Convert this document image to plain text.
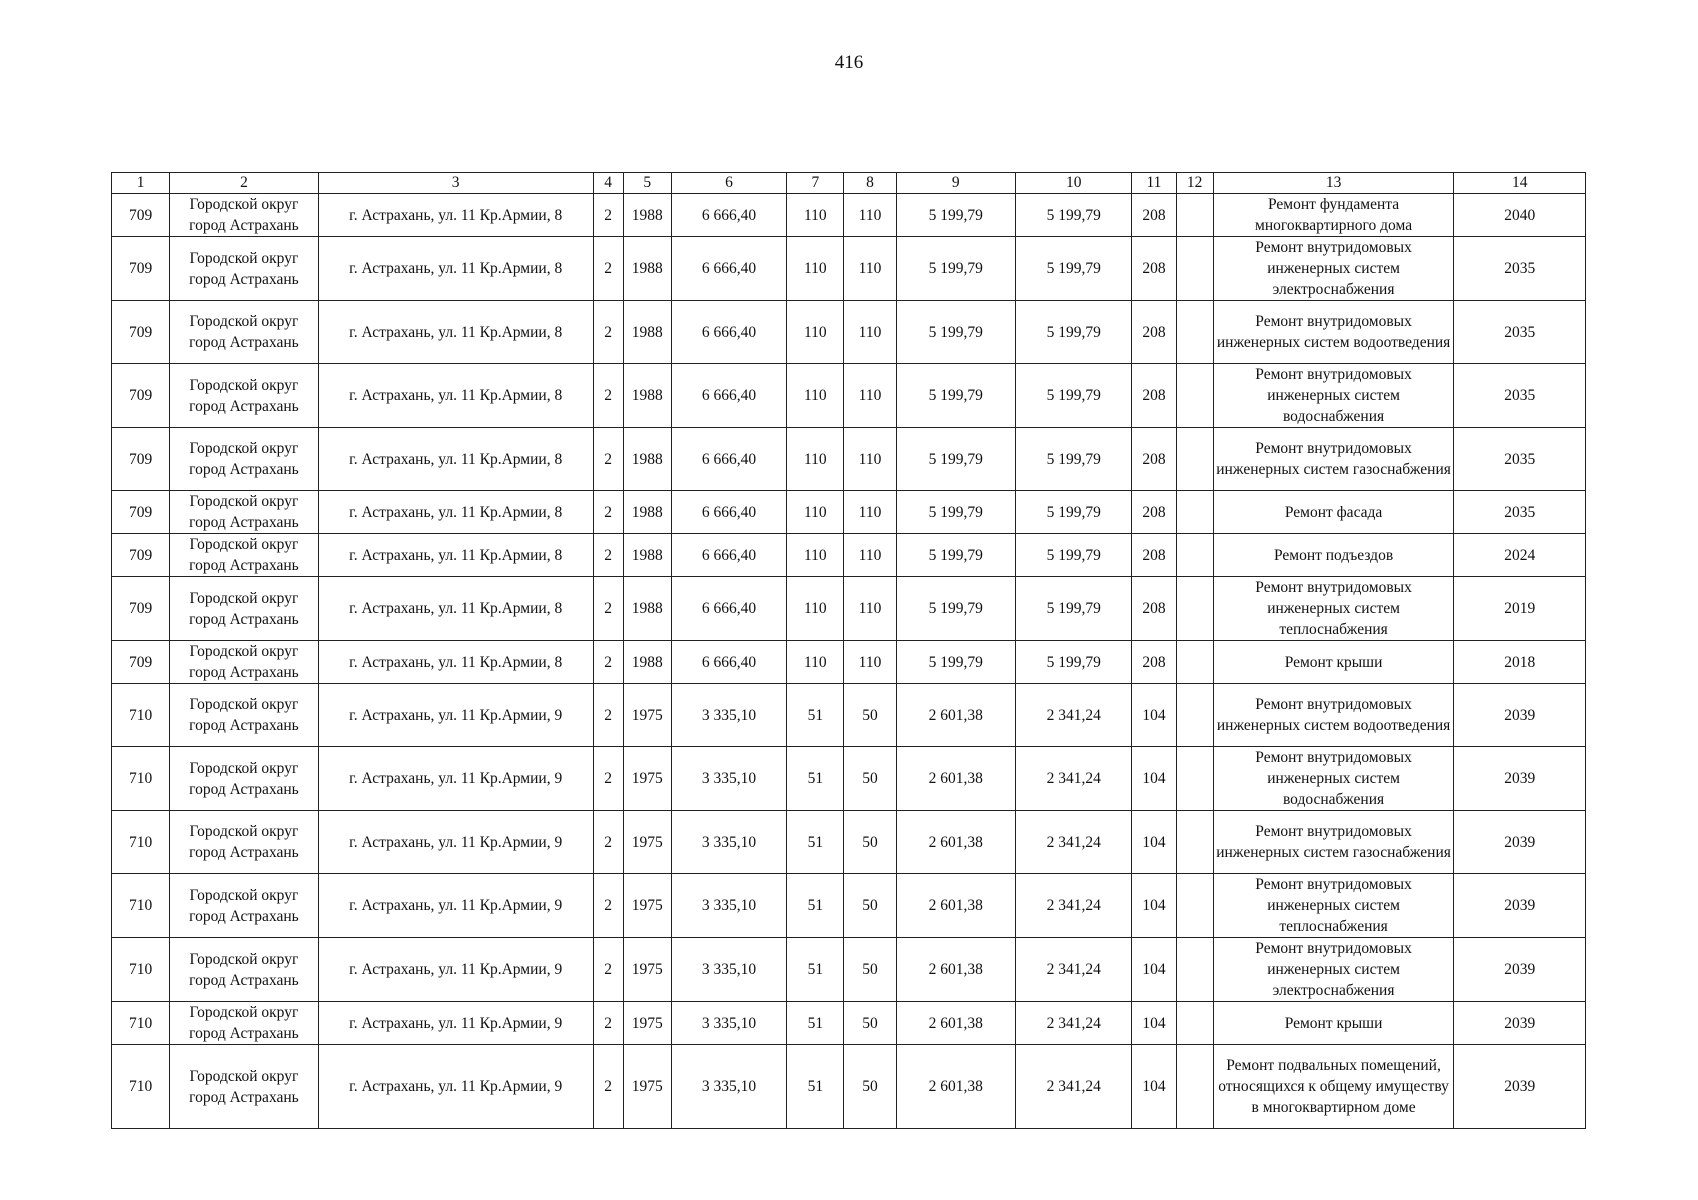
416
1	2	3	4	5	6	7	8	9	10	11	12	13	14
709	Городской округ город Астрахань	г. Астрахань, ул. 11 Кр.Армии, 8	2	1988	6 666,40	110	110	5 199,79	5 199,79	208		Ремонт фундамента многоквартирного дома	2040
709	Городской округ город Астрахань	г. Астрахань, ул. 11 Кр.Армии, 8	2	1988	6 666,40	110	110	5 199,79	5 199,79	208		Ремонт внутридомовых инженерных систем электроснабжения	2035
709	Городской округ город Астрахань	г. Астрахань, ул. 11 Кр.Армии, 8	2	1988	6 666,40	110	110	5 199,79	5 199,79	208		Ремонт внутридомовых инженерных систем водоотведения	2035
709	Городской округ город Астрахань	г. Астрахань, ул. 11 Кр.Армии, 8	2	1988	6 666,40	110	110	5 199,79	5 199,79	208		Ремонт внутридомовых инженерных систем водоснабжения	2035
709	Городской округ город Астрахань	г. Астрахань, ул. 11 Кр.Армии, 8	2	1988	6 666,40	110	110	5 199,79	5 199,79	208		Ремонт внутридомовых инженерных систем газоснабжения	2035
709	Городской округ город Астрахань	г. Астрахань, ул. 11 Кр.Армии, 8	2	1988	6 666,40	110	110	5 199,79	5 199,79	208		Ремонт фасада	2035
709	Городской округ город Астрахань	г. Астрахань, ул. 11 Кр.Армии, 8	2	1988	6 666,40	110	110	5 199,79	5 199,79	208		Ремонт подъездов	2024
709	Городской округ город Астрахань	г. Астрахань, ул. 11 Кр.Армии, 8	2	1988	6 666,40	110	110	5 199,79	5 199,79	208		Ремонт внутридомовых инженерных систем теплоснабжения	2019
709	Городской округ город Астрахань	г. Астрахань, ул. 11 Кр.Армии, 8	2	1988	6 666,40	110	110	5 199,79	5 199,79	208		Ремонт крыши	2018
710	Городской округ город Астрахань	г. Астрахань, ул. 11 Кр.Армии, 9	2	1975	3 335,10	51	50	2 601,38	2 341,24	104		Ремонт внутридомовых инженерных систем водоотведения	2039
710	Городской округ город Астрахань	г. Астрахань, ул. 11 Кр.Армии, 9	2	1975	3 335,10	51	50	2 601,38	2 341,24	104		Ремонт внутридомовых инженерных систем водоснабжения	2039
710	Городской округ город Астрахань	г. Астрахань, ул. 11 Кр.Армии, 9	2	1975	3 335,10	51	50	2 601,38	2 341,24	104		Ремонт внутридомовых инженерных систем газоснабжения	2039
710	Городской округ город Астрахань	г. Астрахань, ул. 11 Кр.Армии, 9	2	1975	3 335,10	51	50	2 601,38	2 341,24	104		Ремонт внутридомовых инженерных систем теплоснабжения	2039
710	Городской округ город Астрахань	г. Астрахань, ул. 11 Кр.Армии, 9	2	1975	3 335,10	51	50	2 601,38	2 341,24	104		Ремонт внутридомовых инженерных систем электроснабжения	2039
710	Городской округ город Астрахань	г. Астрахань, ул. 11 Кр.Армии, 9	2	1975	3 335,10	51	50	2 601,38	2 341,24	104		Ремонт крыши	2039
710	Городской округ город Астрахань	г. Астрахань, ул. 11 Кр.Армии, 9	2	1975	3 335,10	51	50	2 601,38	2 341,24	104		Ремонт подвальных помещений, относящихся к общему имуществу в многоквартирном доме	2039
